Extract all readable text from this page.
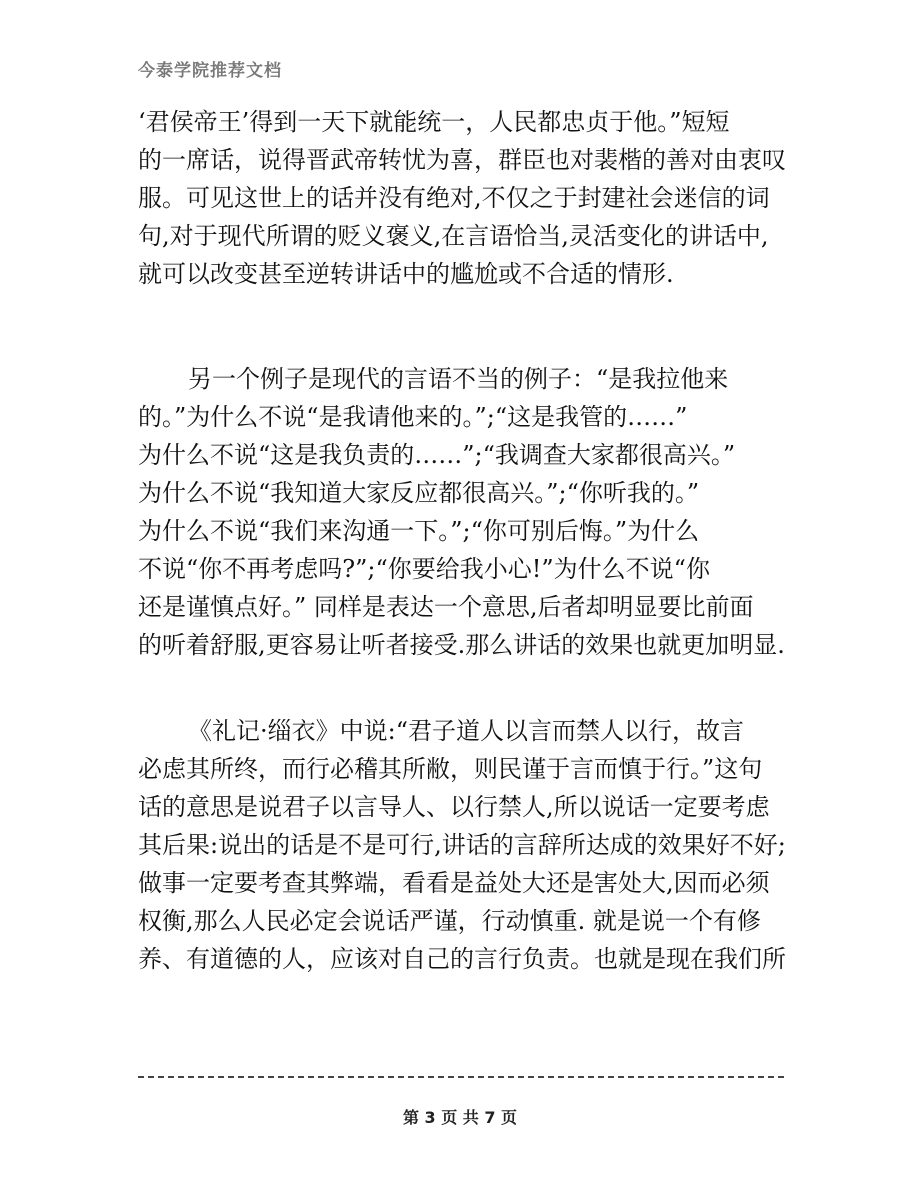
今泰学院推荐文档
‘君侯帝王’得到一天下就能统一，人民都忠贞于他。”短短
的一席话，说得晋武帝转忧为喜，群臣也对裴楷的善对由衷叹
服。可见这世上的话并没有绝对,不仅之于封建社会迷信的词
句,对于现代所谓的贬义褒义,在言语恰当,灵活变化的讲话中,
就可以改变甚至逆转讲话中的尴尬或不合适的情形.
另一个例子是现代的言语不当的例子：“是我拉他来
的。”为什么不说“是我请他来的。”;“这是我管的……”
为什么不说“这是我负责的……”;“我调查大家都很高兴。”
为什么不说“我知道大家反应都很高兴。”;“你听我的。”
为什么不说“我们来沟通一下。”;“你可别后悔。”为什么
不说“你不再考虑吗?”;“你要给我小心!”为什么不说“你
还是谨慎点好。” 同样是表达一个意思,后者却明显要比前面
的听着舒服,更容易让听者接受.那么讲话的效果也就更加明显.
《礼记·缁衣》中说:“君子道人以言而禁人以行，故言
必虑其所终，而行必稽其所敝，则民谨于言而慎于行。”这句
话的意思是说君子以言导人、以行禁人,所以说话一定要考虑
其后果:说出的话是不是可行,讲话的言辞所达成的效果好不好;
做事一定要考查其弊端，看看是益处大还是害处大,因而必须
权衡,那么人民必定会说话严谨，行动慎重. 就是说一个有修
养、有道德的人，应该对自己的言行负责。也就是现在我们所
第 3 页 共 7 页
